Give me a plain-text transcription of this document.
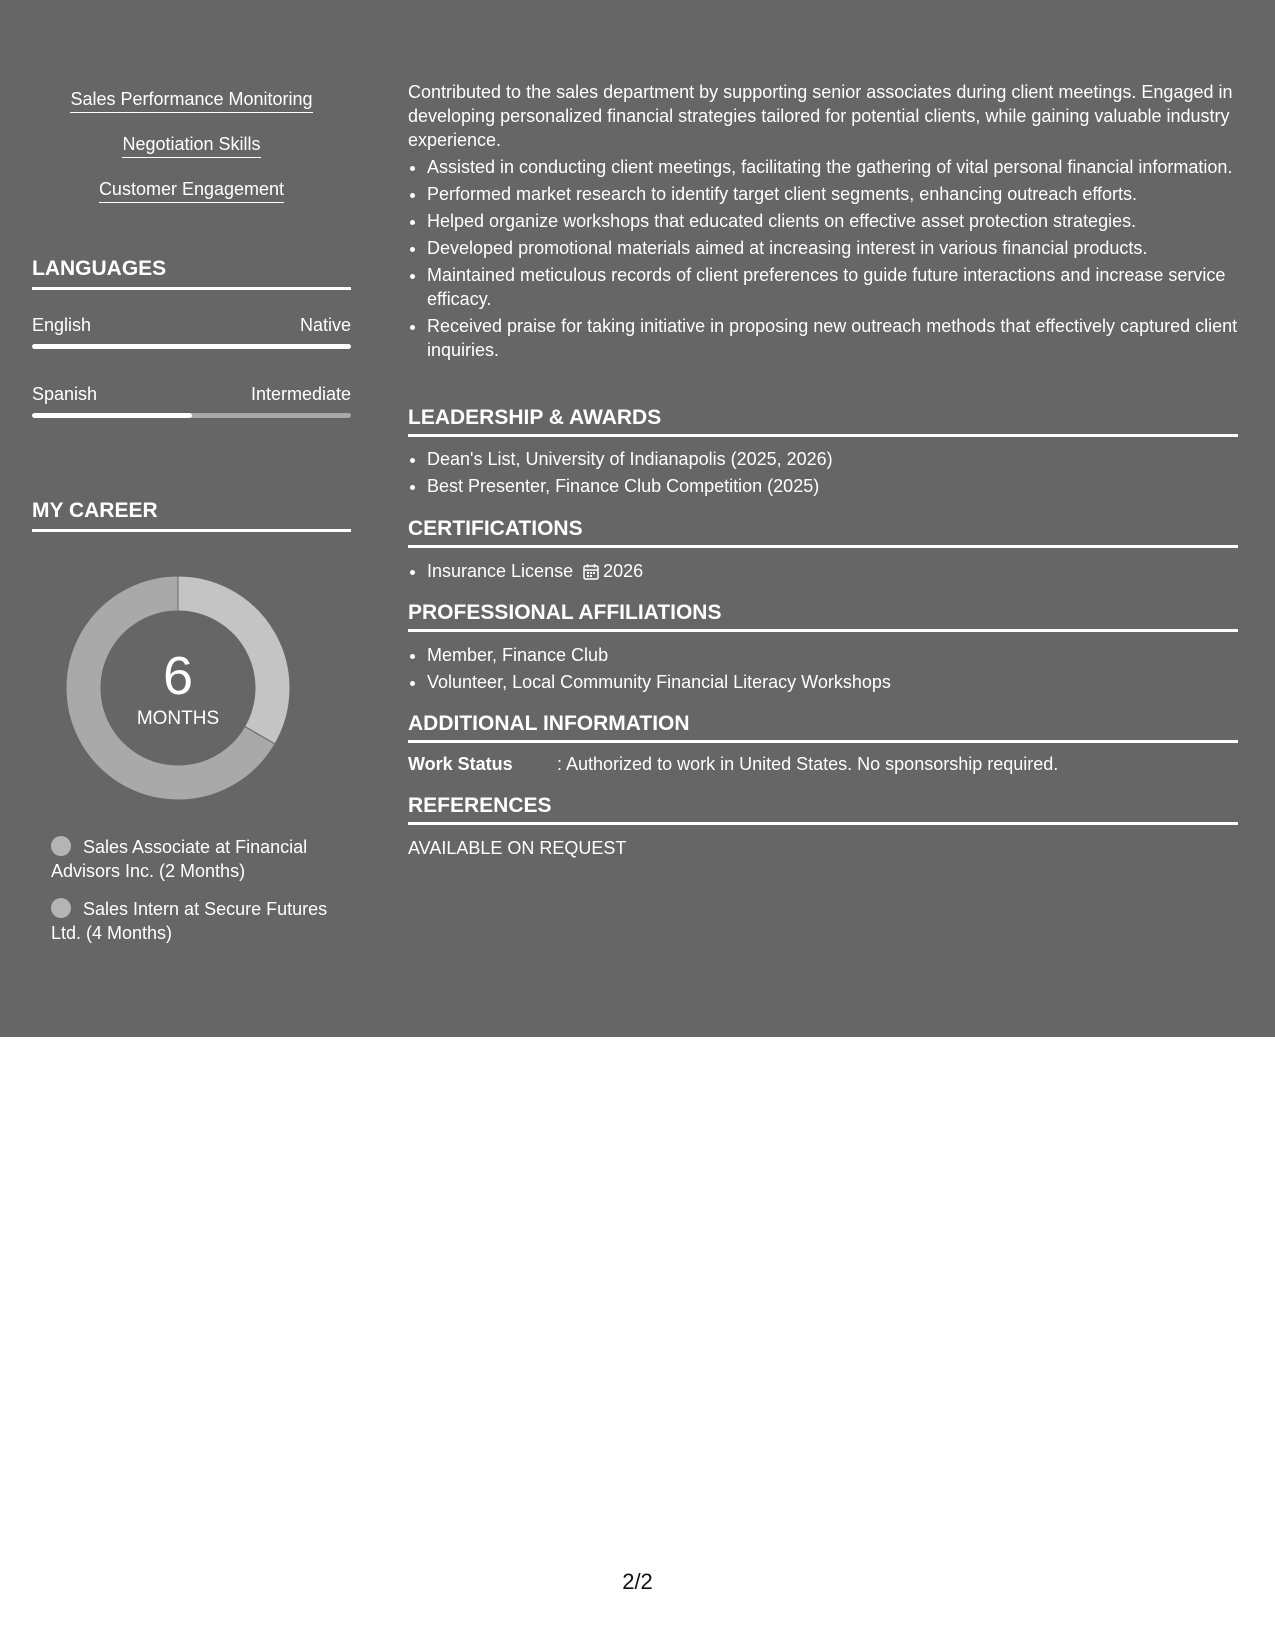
Sales Performance Monitoring
Negotiation Skills
Customer Engagement
LANGUAGES
English	Native
Spanish	Intermediate
MY CAREER
6
MONTHS
Sales Associate at Financial Advisors Inc. (2 Months)
Sales Intern at Secure Futures Ltd. (4 Months)

Contributed to the sales department by supporting senior associates during client meetings. Engaged in developing personalized financial strategies tailored for potential clients, while gaining valuable industry experience.

• Assisted in conducting client meetings, facilitating the gathering of vital personal financial information.
• Performed market research to identify target client segments, enhancing outreach efforts.
• Helped organize workshops that educated clients on effective asset protection strategies.
• Developed promotional materials aimed at increasing interest in various financial products.
• Maintained meticulous records of client preferences to guide future interactions and increase service efficacy.
• Received praise for taking initiative in proposing new outreach methods that effectively captured client inquiries.
LEADERSHIP & AWARDS
• Dean's List, University of Indianapolis (2025, 2026)
• Best Presenter, Finance Club Competition (2025)
CERTIFICATIONS
• Insurance License 2026
PROFESSIONAL AFFILIATIONS
• Member, Finance Club
• Volunteer, Local Community Financial Literacy Workshops
ADDITIONAL INFORMATION
Work Status : Authorized to work in United States. No sponsorship required.
REFERENCES
AVAILABLE ON REQUEST
2/2
